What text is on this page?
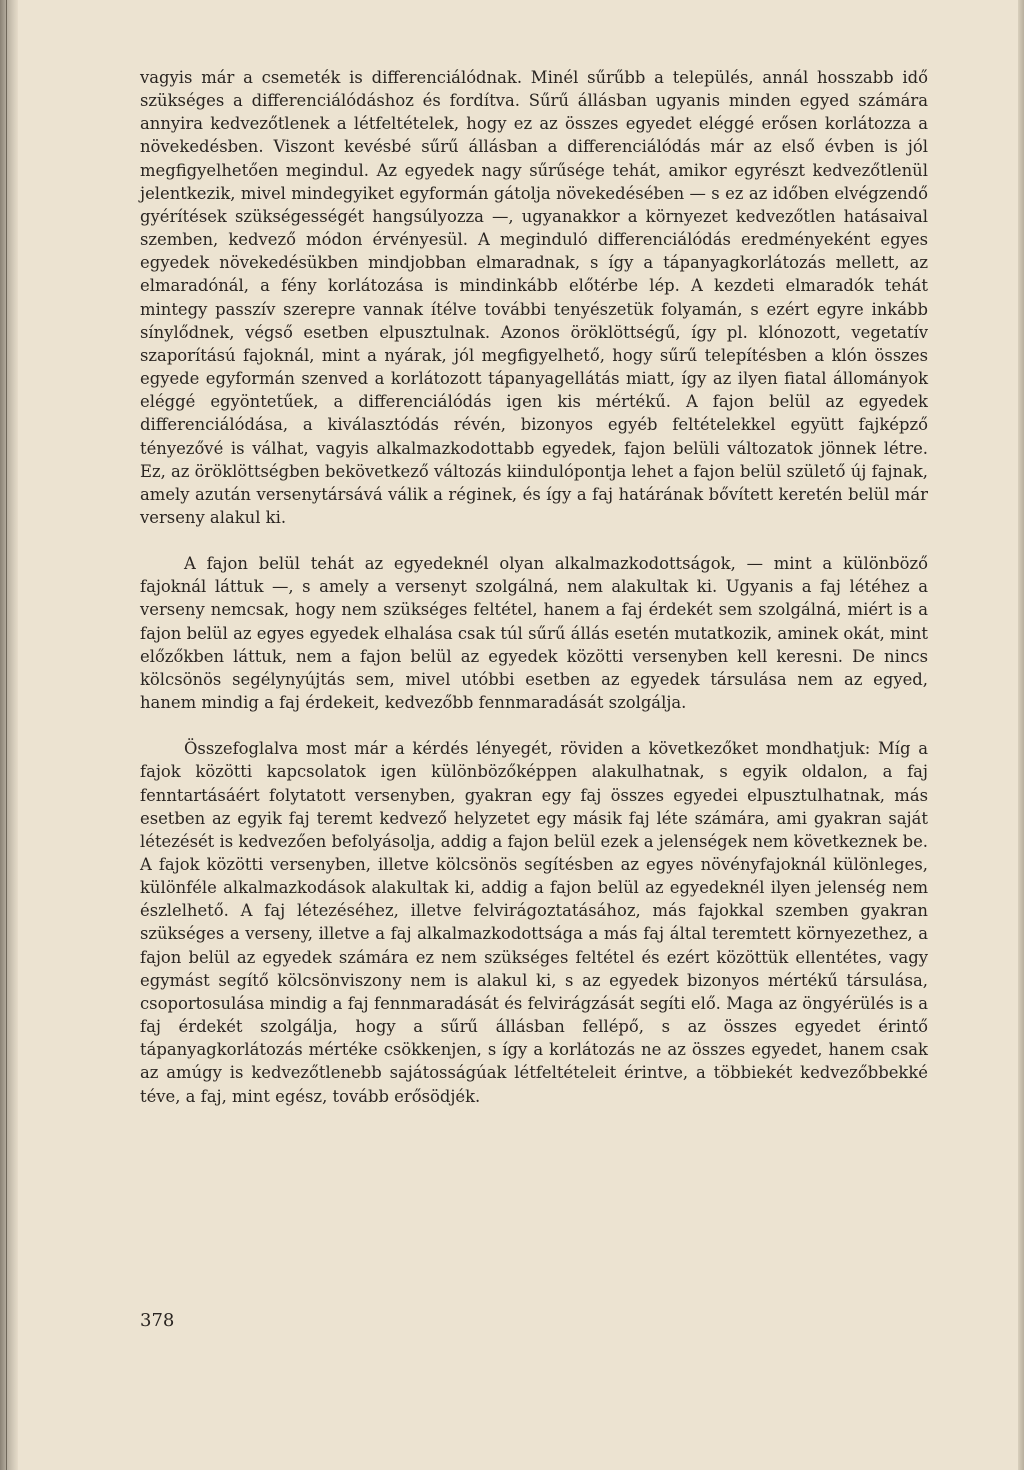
vagyis már a csemeték is differenciálódnak. Minél sűrűbb a település, annál hosszabb idő szükséges a differenciálódáshoz és fordítva. Sűrű állásban ugyanis minden egyed számára annyira kedvezőtlenek a létfeltételek, hogy ez az összes egyedet eléggé erősen korlátozza a növekedésben. Viszont kevésbé sűrű állásban a differenciálódás már az első évben is jól megfigyelhetően megindul. Az egyedek nagy sűrűsége tehát, amikor egyrészt kedvezőtlenül jelentkezik, mivel mindegyiket egyformán gátolja növekedésében — s ez az időben elvégzendő gyérítések szükségességét hangsúlyozza —, ugyanakkor a környezet kedvezőtlen hatásaival szemben, kedvező módon érvényesül. A meginduló differenciálódás eredményeként egyes egyedek növekedésükben mindjobban elmaradnak, s így a tápanyagkorlátozás mellett, az elmaradónál, a fény korlátozása is mindinkább előtérbe lép. A kezdeti elmaradók tehát mintegy passzív szerepre vannak ítélve további tenyészetük folyamán, s ezért egyre inkább sínylődnek, végső esetben elpusztulnak. Azonos öröklöttségű, így pl. klónozott, vegetatív szaporítású fajoknál, mint a nyárak, jól megfigyelhető, hogy sűrű telepítésben a klón összes egyede egyformán szenved a korlátozott tápanyagellátás miatt, így az ilyen fiatal állományok eléggé egyöntetűek, a differenciálódás igen kis mértékű. A fajon belül az egyedek differenciálódása, a kiválasztódás révén, bizonyos egyéb feltételekkel együtt fajképző tényezővé is válhat, vagyis alkalmazkodottabb egyedek, fajon belüli változatok jönnek létre. Ez, az öröklöttségben bekövetkező változás kiindulópontja lehet a fajon belül születő új fajnak, amely azután versenytársává válik a réginek, és így a faj határának bővített keretén belül már verseny alakul ki.

A fajon belül tehát az egyedeknél olyan alkalmazkodottságok, — mint a különböző fajoknál láttuk —, s amely a versenyt szolgálná, nem alakultak ki. Ugyanis a faj létéhez a verseny nemcsak, hogy nem szükséges feltétel, hanem a faj érdekét sem szolgálná, miért is a fajon belül az egyes egyedek elhalása csak túl sűrű állás esetén mutatkozik, aminek okát, mint előzőkben láttuk, nem a fajon belül az egyedek közötti versenyben kell keresni. De nincs kölcsönös segélynyújtás sem, mivel utóbbi esetben az egyedek társulása nem az egyed, hanem mindig a faj érdekeit, kedvezőbb fennmaradását szolgálja.

Összefoglalva most már a kérdés lényegét, röviden a következőket mondhatjuk: Míg a fajok közötti kapcsolatok igen különbözőképpen alakulhatnak, s egyik oldalon, a faj fenntartásáért folytatott versenyben, gyakran egy faj összes egyedei elpusztulhatnak, más esetben az egyik faj teremt kedvező helyzetet egy másik faj léte számára, ami gyakran saját létezését is kedvezően befolyásolja, addig a fajon belül ezek a jelenségek nem következnek be. A fajok közötti versenyben, illetve kölcsönös segítésben az egyes növényfajoknál különleges, különféle alkalmazkodások alakultak ki, addig a fajon belül az egyedeknél ilyen jelenség nem észlelhető. A faj létezéséhez, illetve felvirágoztatásához, más fajokkal szemben gyakran szükséges a verseny, illetve a faj alkalmazkodottsága a más faj által teremtett környezethez, a fajon belül az egyedek számára ez nem szükséges feltétel és ezért közöttük ellentétes, vagy egymást segítő kölcsönviszony nem is alakul ki, s az egyedek bizonyos mértékű társulása, csoportosulása mindig a faj fennmaradását és felvirágzását segíti elő. Maga az öngyérülés is a faj érdekét szolgálja, hogy a sűrű állásban fellépő, s az összes egyedet érintő tápanyagkorlátozás mértéke csökkenjen, s így a korlátozás ne az összes egyedet, hanem csak az amúgy is kedvezőtlenebb sajátosságúak létfeltételeit érintve, a többiekét kedvezőbbekké téve, a faj, mint egész, tovább erősödjék.

378
